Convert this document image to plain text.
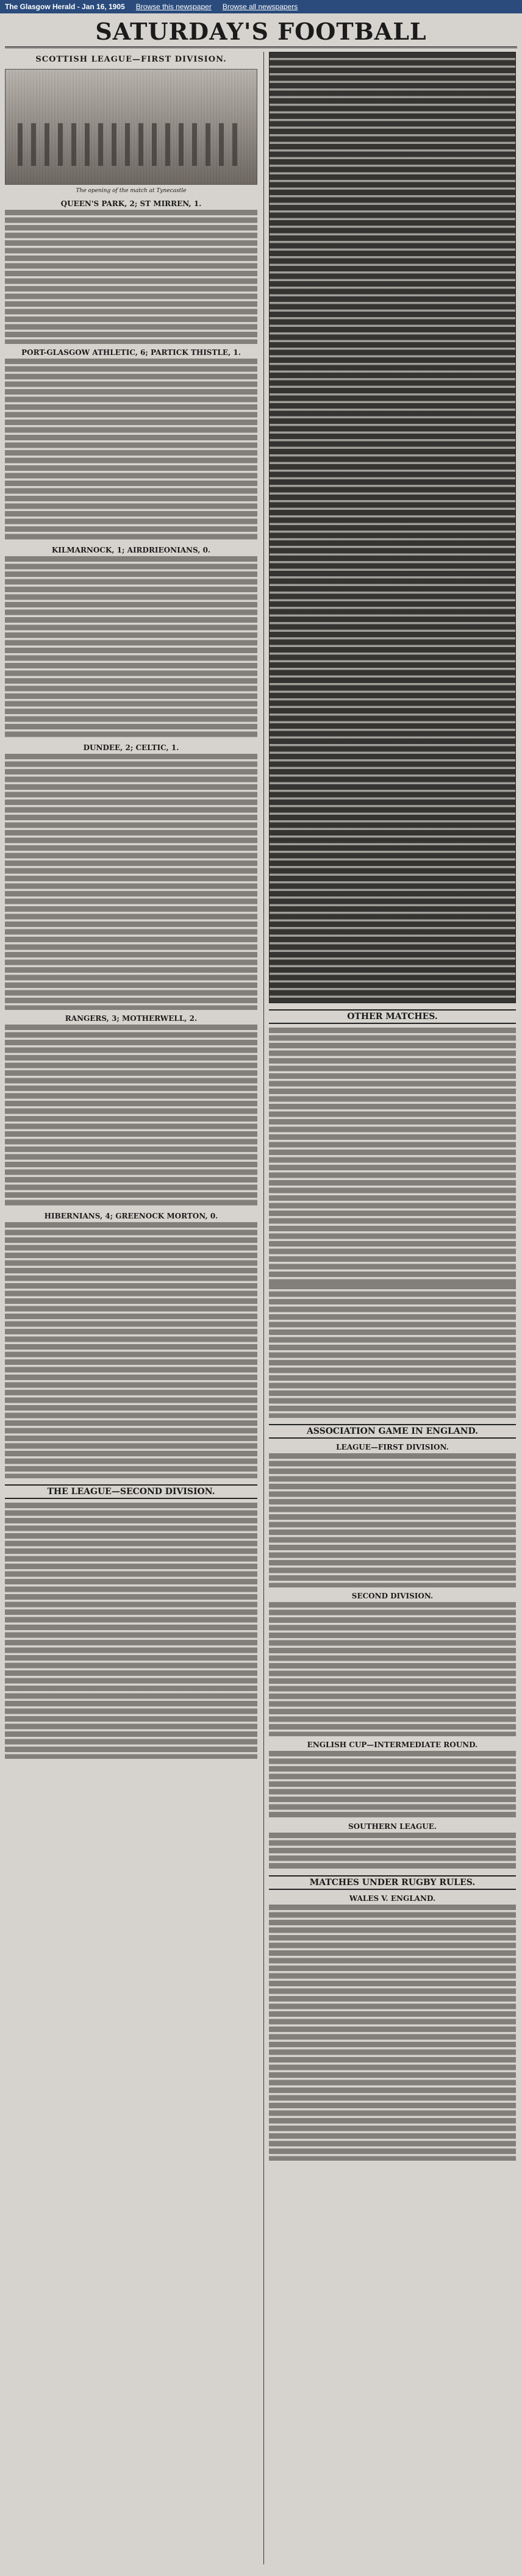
The Glasgow Herald - Jan 16, 1905 Browse this newspaper Browse all newspapers
SATURDAY'S FOOTBALL
SCOTTISH LEAGUE—FIRST DIVISION.
The opening of the match at Tynecastle
QUEEN'S PARK, 2; ST MIRREN, 1.
PORT-GLASGOW ATHLETIC, 6; PARTICK THISTLE, 1.
KILMARNOCK, 1; AIRDRIEONIANS, 0.
DUNDEE, 2; CELTIC, 1.
RANGERS, 3; MOTHERWELL, 2.
HIBERNIANS, 4; GREENOCK MORTON, 0.
THE LEAGUE—SECOND DIVISION.
OTHER MATCHES.
ASSOCIATION GAME IN ENGLAND.
LEAGUE—FIRST DIVISION.
SECOND DIVISION.
ENGLISH CUP—INTERMEDIATE ROUND.
SOUTHERN LEAGUE.
MATCHES UNDER RUGBY RULES.
WALES V. ENGLAND.
